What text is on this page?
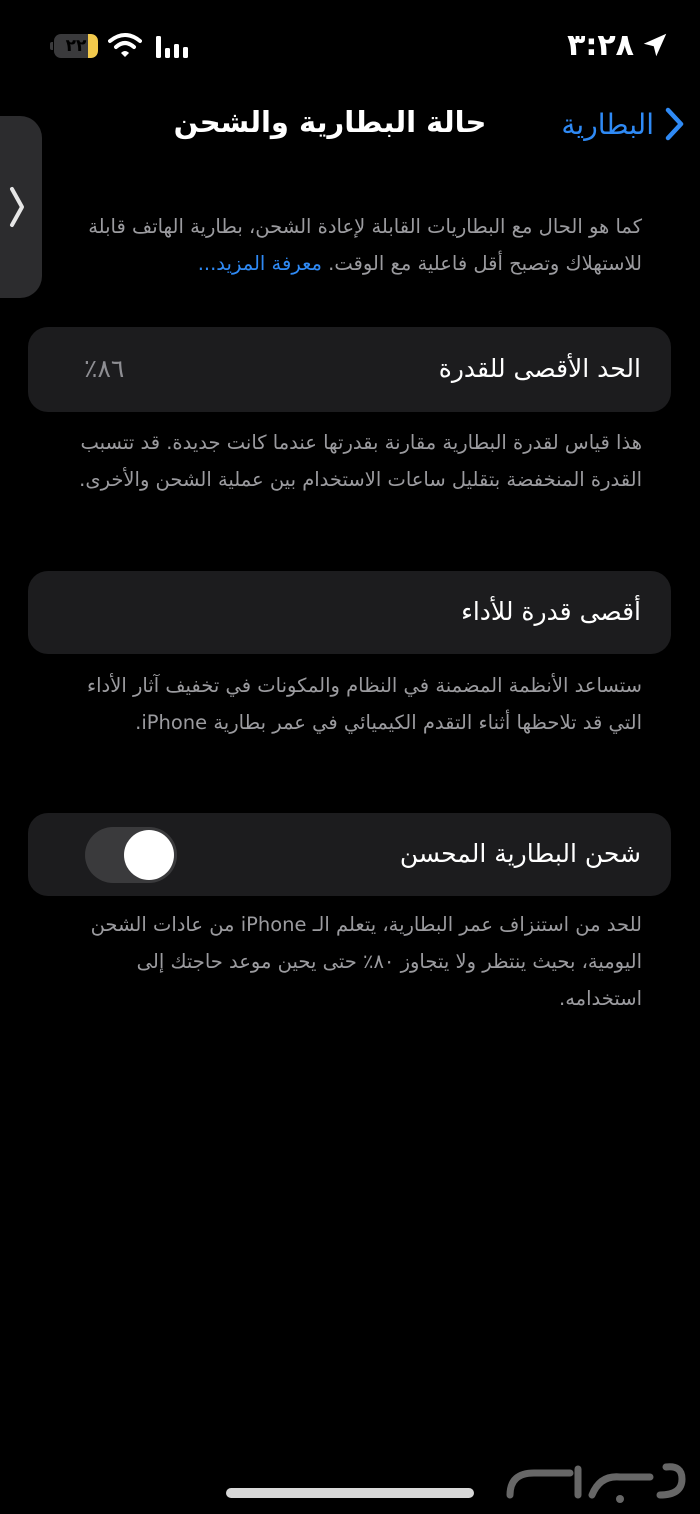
٣:٢٨
٢٢
البطارية
حالة البطارية والشحن
كما هو الحال مع البطاريات القابلة لإعادة الشحن، بطارية الهاتف قابلة للاستهلاك وتصبح أقل فاعلية مع الوقت. معرفة المزيد...
الحد الأقصى للقدرة
٨٦٪
هذا قياس لقدرة البطارية مقارنة بقدرتها عندما كانت جديدة. قد تتسبب القدرة المنخفضة بتقليل ساعات الاستخدام بين عملية الشحن والأخرى.
أقصى قدرة للأداء
ستساعد الأنظمة المضمنة في النظام والمكونات في تخفيف آثار الأداء التي قد تلاحظها أثناء التقدم الكيميائي في عمر بطارية iPhone.
شحن البطارية المحسن
للحد من استنزاف عمر البطارية، يتعلم الـ iPhone من عادات الشحن اليومية، بحيث ينتظر ولا يتجاوز ٨٠٪ حتى يحين موعد حاجتك إلى استخدامه.
